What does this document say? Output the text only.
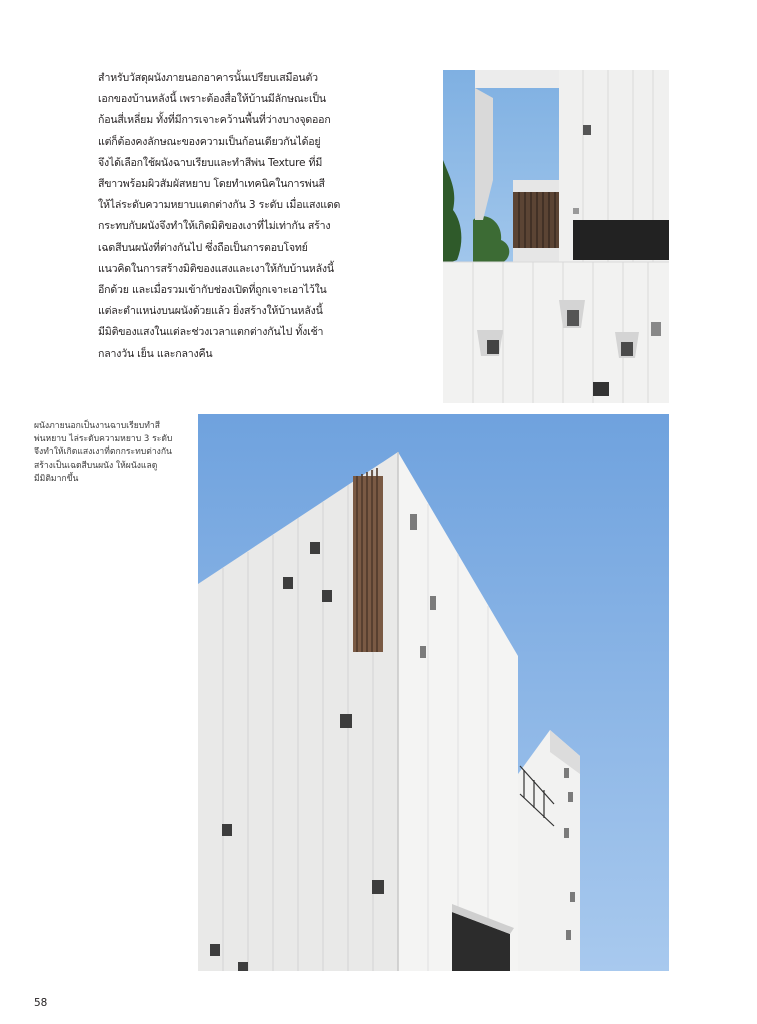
สำหรับวัสดุผนังภายนอกอาคารนั้นเปรียบเสมือนตัว
เอกของบ้านหลังนี้ เพราะต้องสื่อให้บ้านมีลักษณะเป็น
ก้อนสี่เหลี่ยม ทั้งที่มีการเจาะคว้านพื้นที่ว่างบางจุดออก
แต่ก็ต้องคงลักษณะของความเป็นก้อนเดียวกันได้อยู่
จึงได้เลือกใช้ผนังฉาบเรียบและทำสีพ่น Texture ที่มี
สีขาวพร้อมผิวสัมผัสหยาบ โดยทำเทคนิคในการพ่นสี
ให้ไล่ระดับความหยาบแตกต่างกัน 3 ระดับ เมื่อแสงแดด
กระทบกับผนังจึงทำให้เกิดมิติของเงาที่ไม่เท่ากัน สร้าง
เฉดสีบนผนังที่ต่างกันไป ซึ่งถือเป็นการตอบโจทย์
แนวคิดในการสร้างมิติของแสงและเงาให้กับบ้านหลังนี้
อีกด้วย และเมื่อรวมเข้ากับช่องเปิดที่ถูกเจาะเอาไว้ใน
แต่ละตำแหน่งบนผนังด้วยแล้ว ยิ่งสร้างให้บ้านหลังนี้
มีมิติของแสงในแต่ละช่วงเวลาแตกต่างกันไป ทั้งเช้า
กลางวัน เย็น และกลางคืน
ผนังภายนอกเป็นงานฉาบเรียบทำสี
พ่นหยาบ ไล่ระดับความหยาบ 3 ระดับ
จึงทำให้เกิดแสงเงาที่ตกกระทบต่างกัน
สร้างเป็นเฉดสีบนผนัง ให้ผนังแลดู
มีมิติมากขึ้น
58
